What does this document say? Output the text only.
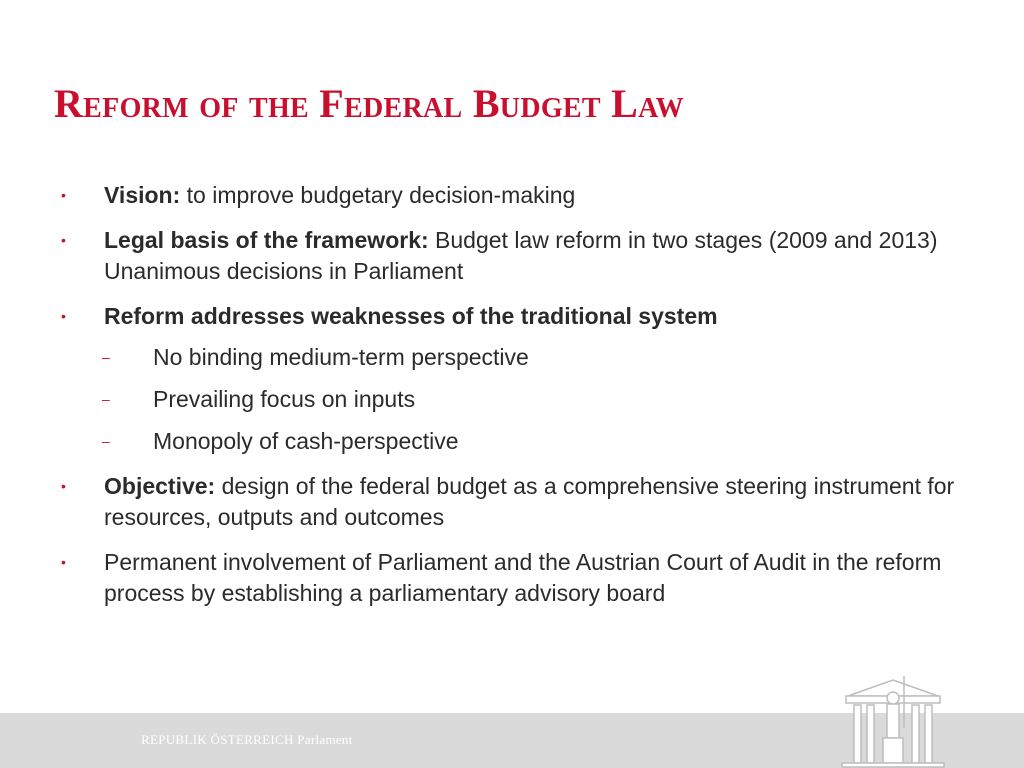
Reform of the Federal Budget Law
•	Vision: to improve budgetary decision-making
•	Legal basis of the framework: Budget law reform in two stages (2009 and 2013) Unanimous decisions in Parliament
•	Reform addresses weaknesses of the traditional system
–	No binding medium-term perspective
–	Prevailing focus on inputs
–	Monopoly of cash-perspective
•	Objective: design of the federal budget as a comprehensive steering instrument for resources, outputs and outcomes
•	Permanent involvement of Parliament and the Austrian Court of Audit in the reform process by establishing a parliamentary advisory board
REPUBLIK ÖSTERREICH Parlament
